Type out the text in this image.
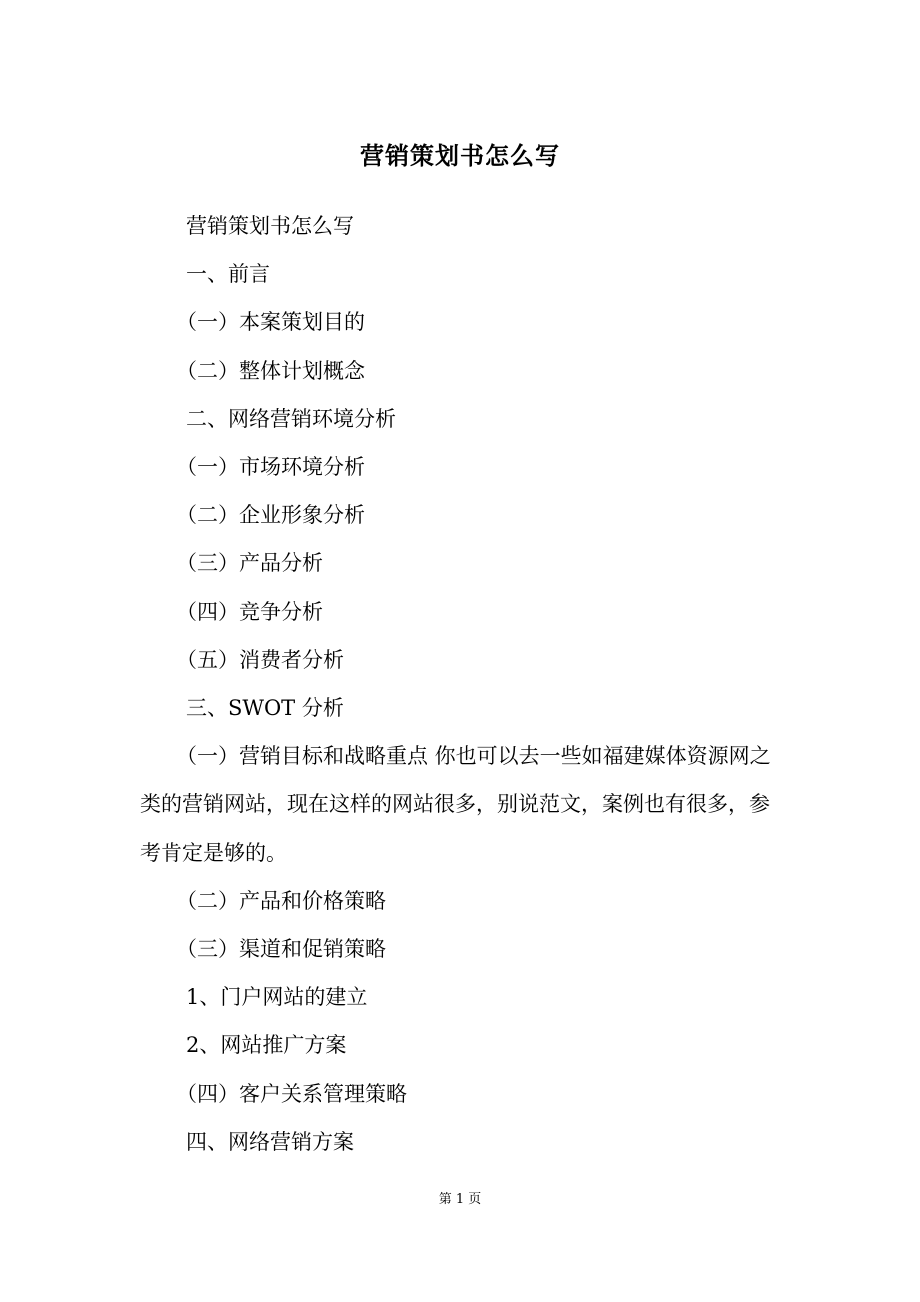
营销策划书怎么写

营销策划书怎么写

一、前言

（一）本案策划目的

（二）整体计划概念

二、网络营销环境分析

（一）市场环境分析

（二）企业形象分析

（三）产品分析

（四）竞争分析

（五）消费者分析

三、SWOT 分析

（一）营销目标和战略重点 你也可以去一些如福建媒体资源网之类的营销网站，现在这样的网站很多，别说范文，案例也有很多，参考肯定是够的。

（二）产品和价格策略

（三）渠道和促销策略

1、门户网站的建立

2、网站推广方案

（四）客户关系管理策略

四、网络营销方案

第 1 页
